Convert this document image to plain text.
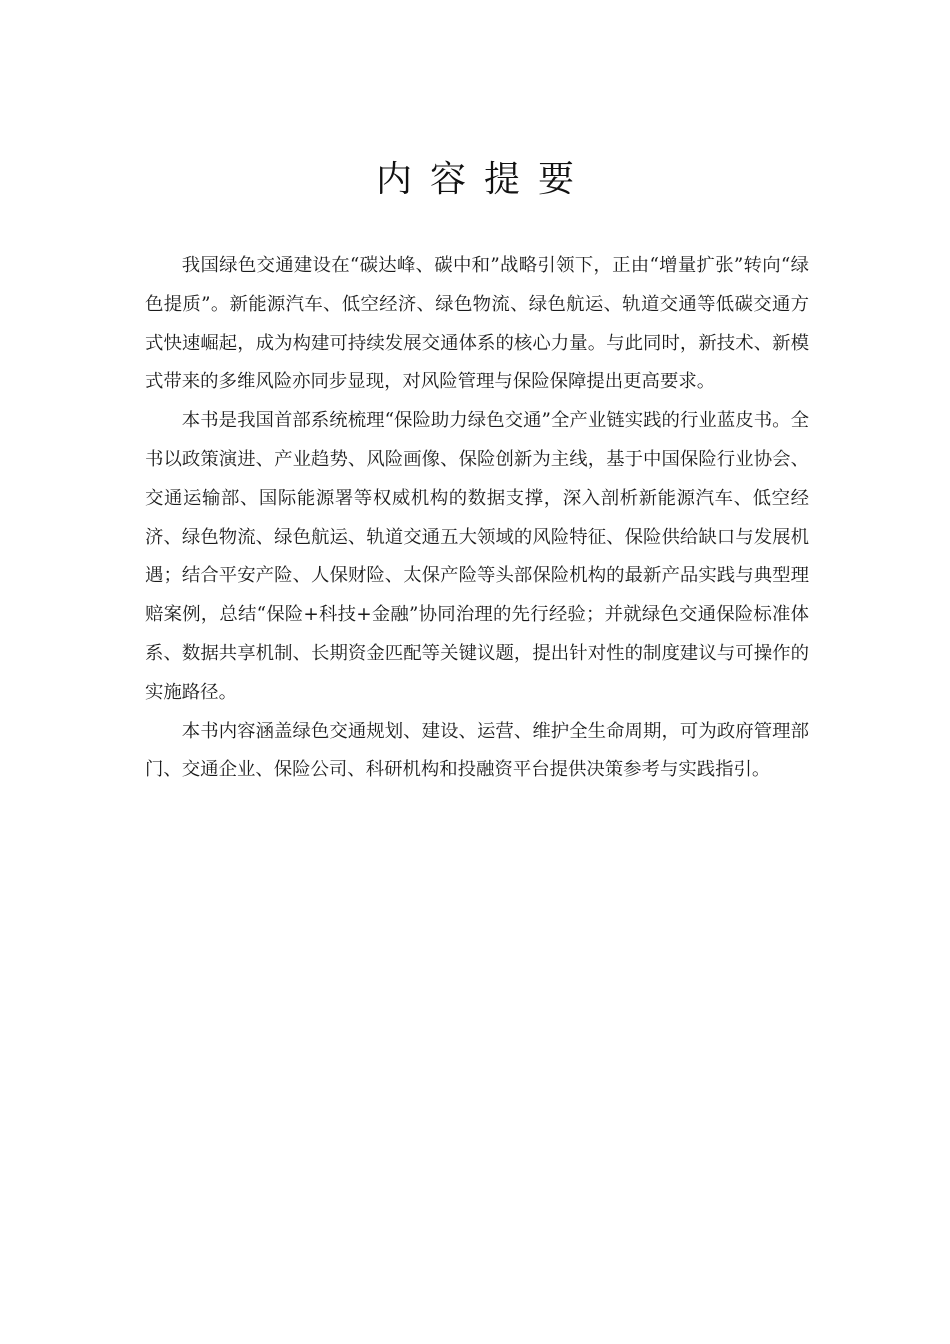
内容提要

我国绿色交通建设在“碳达峰、碳中和”战略引领下，正由“增量扩张”转向“绿色提质”。新能源汽车、低空经济、绿色物流、绿色航运、轨道交通等低碳交通方式快速崛起，成为构建可持续发展交通体系的核心力量。与此同时，新技术、新模式带来的多维风险亦同步显现，对风险管理与保险保障提出更高要求。

本书是我国首部系统梳理“保险助力绿色交通”全产业链实践的行业蓝皮书。全书以政策演进、产业趋势、风险画像、保险创新为主线，基于中国保险行业协会、交通运输部、国际能源署等权威机构的数据支撑，深入剖析新能源汽车、低空经济、绿色物流、绿色航运、轨道交通五大领域的风险特征、保险供给缺口与发展机遇；结合平安产险、人保财险、太保产险等头部保险机构的最新产品实践与典型理赔案例，总结“保险+科技+金融”协同治理的先行经验；并就绿色交通保险标准体系、数据共享机制、长期资金匹配等关键议题，提出针对性的制度建议与可操作的实施路径。

本书内容涵盖绿色交通规划、建设、运营、维护全生命周期，可为政府管理部门、交通企业、保险公司、科研机构和投融资平台提供决策参考与实践指引。
